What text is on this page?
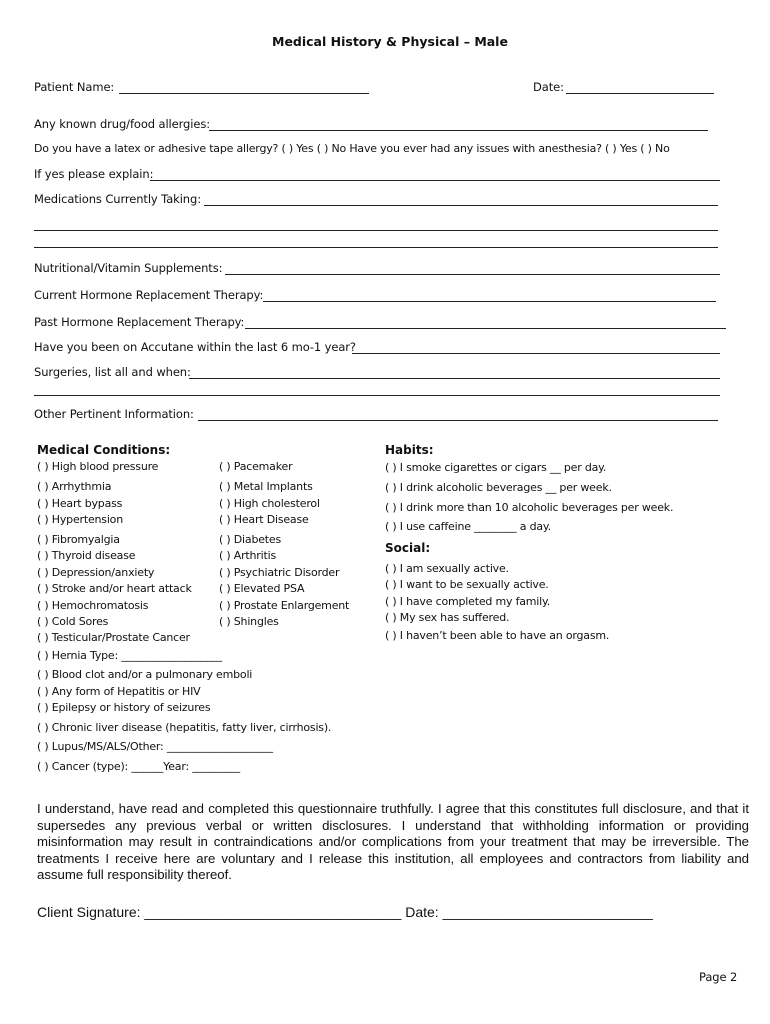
Medical History & Physical – Male
Patient Name:	Date:
Any known drug/food allergies:
Do you have a latex or adhesive tape allergy? ( ) Yes ( ) No Have you ever had any issues with anesthesia? ( ) Yes ( ) No
If yes please explain:
Medications Currently Taking:
Nutritional/Vitamin Supplements:
Current Hormone Replacement Therapy:
Past Hormone Replacement Therapy:
Have you been on Accutane within the last 6 mo-1 year?
Surgeries, list all and when:
Other Pertinent Information:
Medical Conditions:
( ) High blood pressure
( ) Arrhythmia
( ) Heart bypass
( ) Hypertension
( ) Fibromyalgia
( ) Thyroid disease
( ) Depression/anxiety
( ) Stroke and/or heart attack
( ) Hemochromatosis
( ) Cold Sores
( ) Testicular/Prostate Cancer
( ) Hernia Type: ___________________
( ) Blood clot and/or a pulmonary emboli
( ) Any form of Hepatitis or HIV
( ) Epilepsy or history of seizures
( ) Chronic liver disease (hepatitis, fatty liver, cirrhosis).
( ) Lupus/MS/ALS/Other: ____________________
( ) Cancer (type): ______Year: _________
( ) Pacemaker
( ) Metal Implants
( ) High cholesterol
( ) Heart Disease
( ) Diabetes
( ) Arthritis
( ) Psychiatric Disorder
( ) Elevated PSA
( ) Prostate Enlargement
( ) Shingles
Habits:
( ) I smoke cigarettes or cigars __ per day.
( ) I drink alcoholic beverages __ per week.
( ) I drink more than 10 alcoholic beverages per week.
( ) I use caffeine ________ a day.
Social:
( ) I am sexually active.
( ) I want to be sexually active.
( ) I have completed my family.
( ) My sex has suffered.
( ) I haven’t been able to have an orgasm.
I understand, have read and completed this questionnaire truthfully. I agree that this constitutes full disclosure, and that it supersedes any previous verbal or written disclosures. I understand that withholding information or providing misinformation may result in contraindications and/or complications from your treatment that may be irreversible. The treatments I receive here are voluntary and I release this institution, all employees and contractors from liability and assume full responsibility thereof.
Client Signature: _________________________________ Date: ___________________________
Page 2
